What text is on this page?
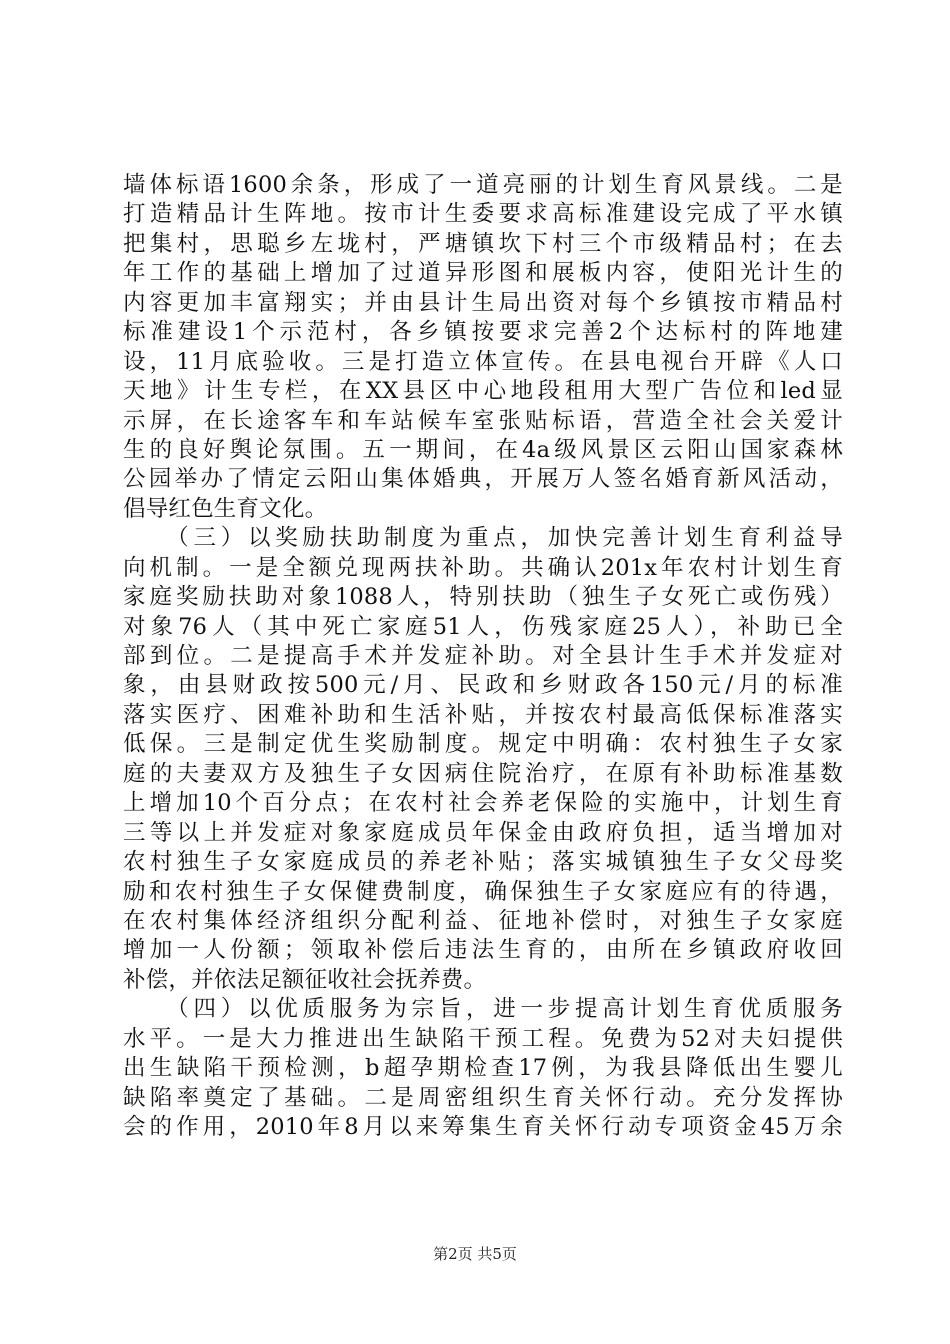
墙体标语1600余条，形成了一道亮丽的计划生育风景线。二是
打造精品计生阵地。按市计生委要求高标准建设完成了平水镇
把集村，思聪乡左垅村，严塘镇坎下村三个市级精品村；在去
年工作的基础上增加了过道异形图和展板内容，使阳光计生的
内容更加丰富翔实；并由县计生局出资对每个乡镇按市精品村
标准建设1个示范村，各乡镇按要求完善2个达标村的阵地建
设，11月底验收。三是打造立体宣传。在县电视台开辟《人口
天地》计生专栏，在XX县区中心地段租用大型广告位和led显
示屏，在长途客车和车站候车室张贴标语，营造全社会关爱计
生的良好舆论氛围。五一期间，在4a级风景区云阳山国家森林
公园举办了情定云阳山集体婚典，开展万人签名婚育新风活动，
倡导红色生育文化。
　　（三）以奖励扶助制度为重点，加快完善计划生育利益导
向机制。一是全额兑现两扶补助。共确认201x年农村计划生育
家庭奖励扶助对象1088人，特别扶助（独生子女死亡或伤残）
对象76人（其中死亡家庭51人，伤残家庭25人），补助已全
部到位。二是提高手术并发症补助。对全县计生手术并发症对
象，由县财政按500元/月、民政和乡财政各150元/月的标准
落实医疗、困难补助和生活补贴，并按农村最高低保标准落实
低保。三是制定优生奖励制度。规定中明确：农村独生子女家
庭的夫妻双方及独生子女因病住院治疗，在原有补助标准基数
上增加10个百分点；在农村社会养老保险的实施中，计划生育
三等以上并发症对象家庭成员年保金由政府负担，适当增加对
农村独生子女家庭成员的养老补贴；落实城镇独生子女父母奖
励和农村独生子女保健费制度，确保独生子女家庭应有的待遇，
在农村集体经济组织分配利益、征地补偿时，对独生子女家庭
增加一人份额；领取补偿后违法生育的，由所在乡镇政府收回
补偿，并依法足额征收社会抚养费。
　　（四）以优质服务为宗旨，进一步提高计划生育优质服务
水平。一是大力推进出生缺陷干预工程。免费为52对夫妇提供
出生缺陷干预检测，b超孕期检查17例，为我县降低出生婴儿
缺陷率奠定了基础。二是周密组织生育关怀行动。充分发挥协
会的作用，2010年8月以来筹集生育关怀行动专项资金45万余
第2页 共5页
